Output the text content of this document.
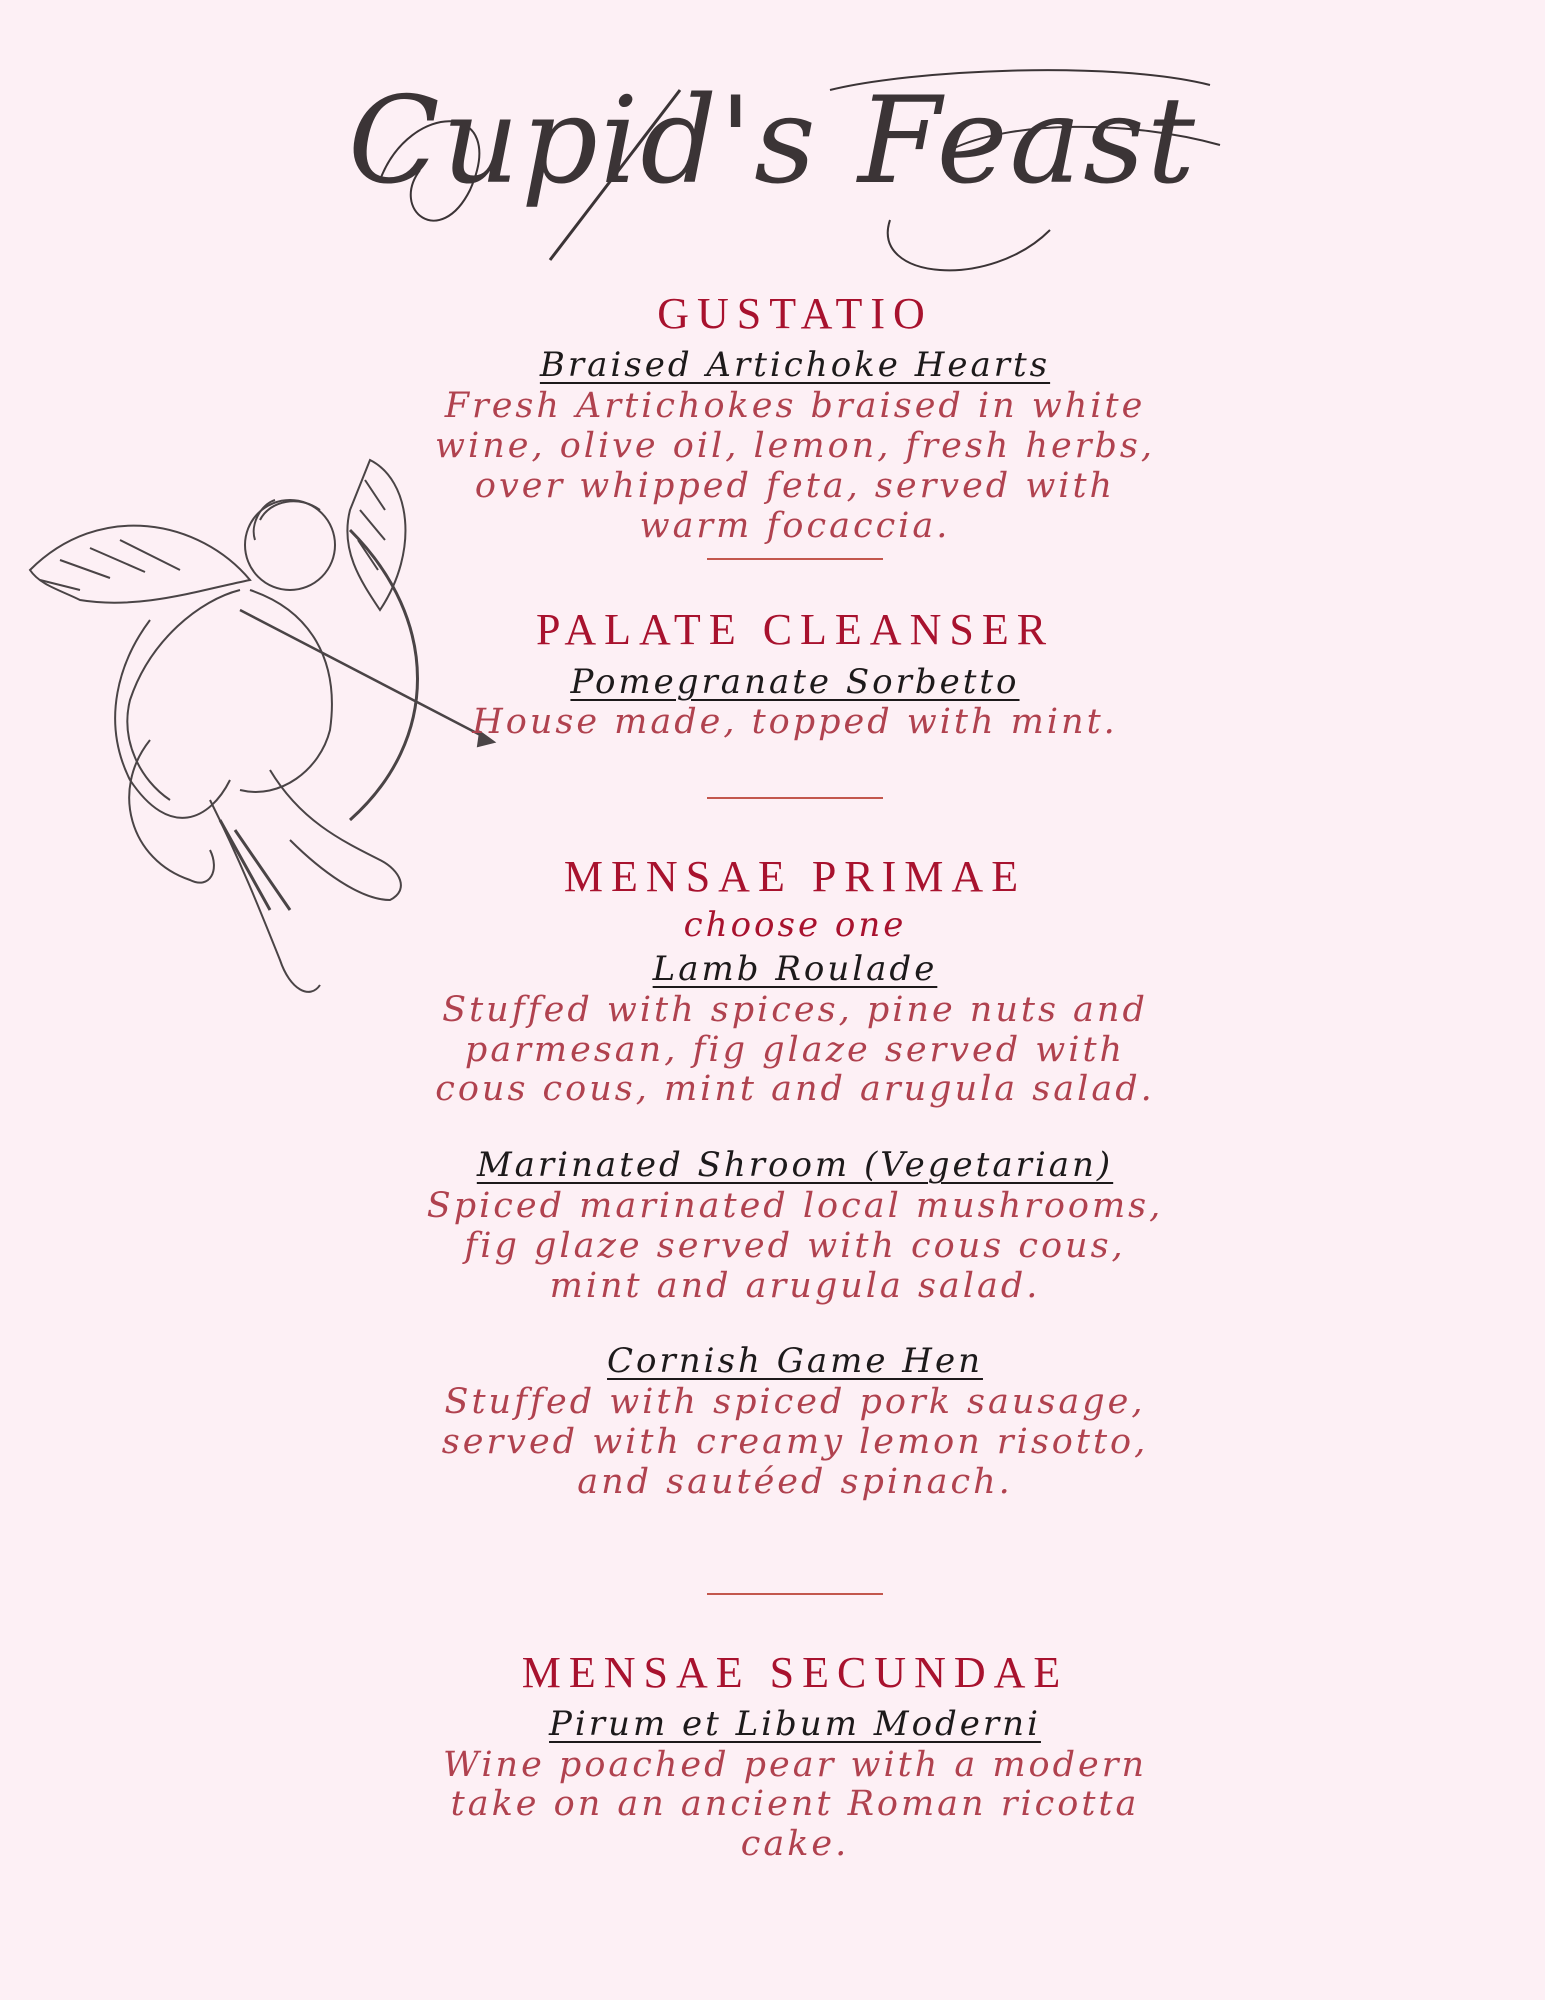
Cupid's Feast
GUSTATIO
Braised Artichoke Hearts
Fresh Artichokes braised in white wine, olive oil, lemon, fresh herbs, over whipped feta, served with warm focaccia.
PALATE CLEANSER
Pomegranate Sorbetto
House made, topped with mint.
MENSAE PRIMAE
choose one
Lamb Roulade
Stuffed with spices, pine nuts and parmesan, fig glaze served with cous cous, mint and arugula salad.
Marinated Shroom (Vegetarian)
Spiced marinated local mushrooms, fig glaze served with cous cous, mint and arugula salad.
Cornish Game Hen
Stuffed with spiced pork sausage, served with creamy lemon risotto, and sautéed spinach.
MENSAE SECUNDAE
Pirum et Libum Moderni
Wine poached pear with a modern take on an ancient Roman ricotta cake.
